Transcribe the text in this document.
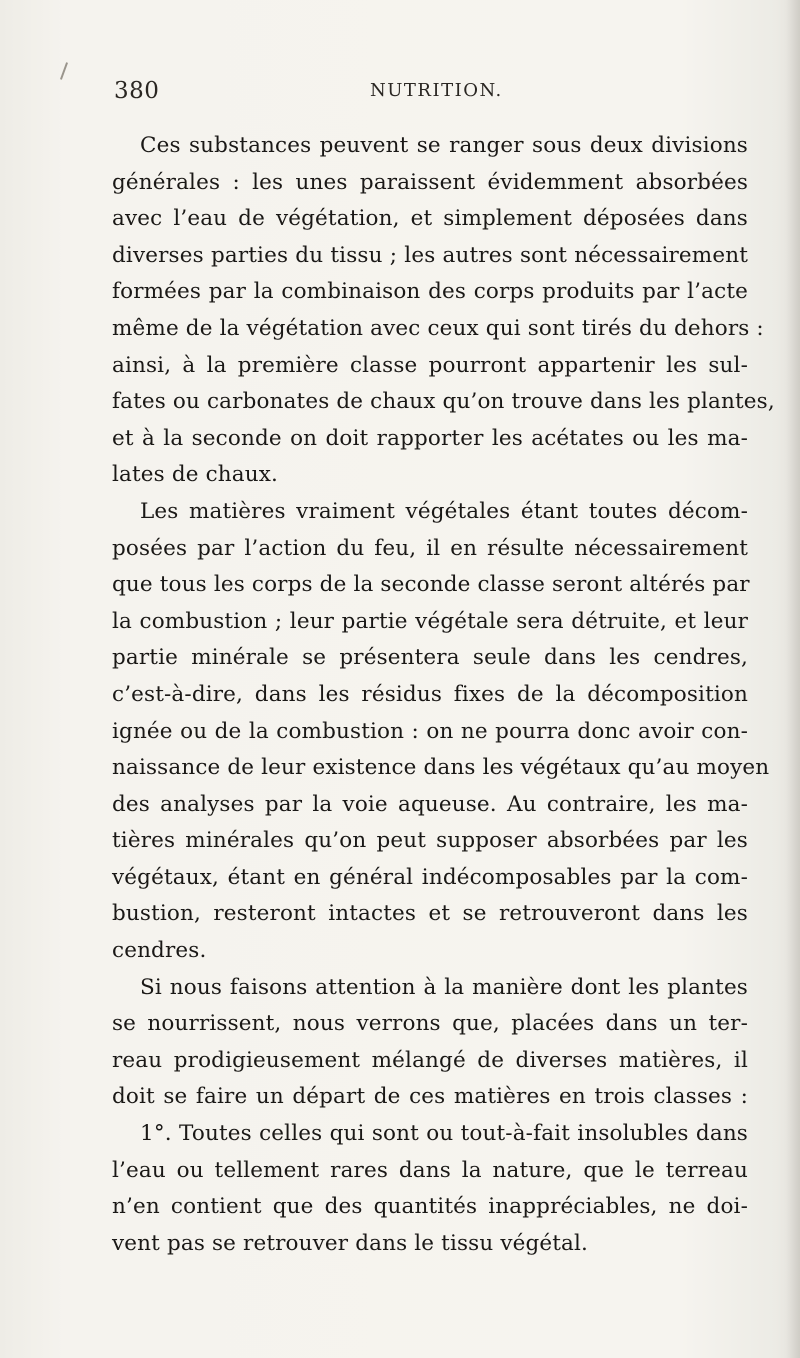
380	NUTRITION.
Ces substances peuvent se ranger sous deux divisions
générales : les unes paraissent évidemment absorbées
avec l’eau de végétation, et simplement déposées dans
diverses parties du tissu ; les autres sont nécessairement
formées par la combinaison des corps produits par l’acte
même de la végétation avec ceux qui sont tirés du dehors :
ainsi, à la première classe pourront appartenir les sul-
fates ou carbonates de chaux qu’on trouve dans les plantes,
et à la seconde on doit rapporter les acétates ou les ma-
lates de chaux.
Les matières vraiment végétales étant toutes décom-
posées par l’action du feu, il en résulte nécessairement
que tous les corps de la seconde classe seront altérés par
la combustion ; leur partie végétale sera détruite, et leur
partie minérale se présentera seule dans les cendres,
c’est-à-dire, dans les résidus fixes de la décomposition
ignée ou de la combustion : on ne pourra donc avoir con-
naissance de leur existence dans les végétaux qu’au moyen
des analyses par la voie aqueuse. Au contraire, les ma-
tières minérales qu’on peut supposer absorbées par les
végétaux, étant en général indécomposables par la com-
bustion, resteront intactes et se retrouveront dans les
cendres.
Si nous faisons attention à la manière dont les plantes
se nourrissent, nous verrons que, placées dans un ter-
reau prodigieusement mélangé de diverses matières, il
doit se faire un départ de ces matières en trois classes :
1°. Toutes celles qui sont ou tout-à-fait insolubles dans
l’eau ou tellement rares dans la nature, que le terreau
n’en contient que des quantités inappréciables, ne doi-
vent pas se retrouver dans le tissu végétal.
